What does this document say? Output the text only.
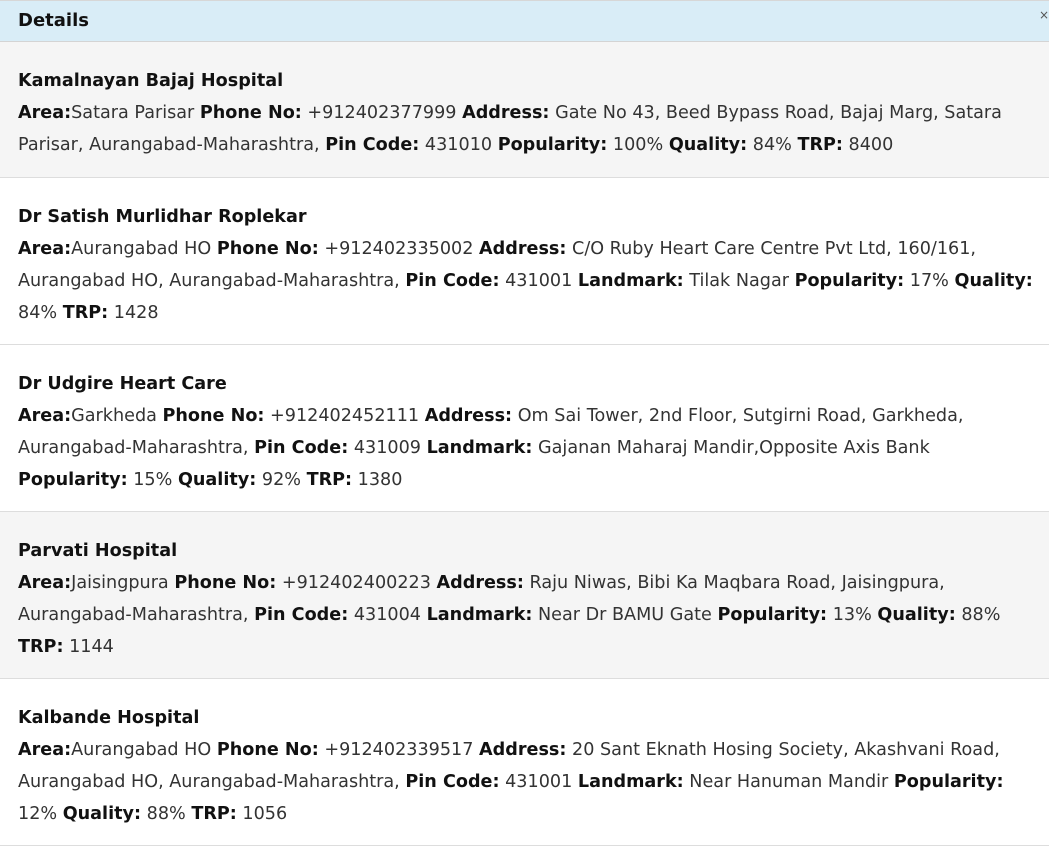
Details	×
Kamalnayan Bajaj Hospital
Area:Satara Parisar Phone No: +912402377999 Address: Gate No 43, Beed Bypass Road, Bajaj Marg, Satara Parisar, Aurangabad-Maharashtra, Pin Code: 431010 Popularity: 100% Quality: 84% TRP: 8400
Dr Satish Murlidhar Roplekar
Area:Aurangabad HO Phone No: +912402335002 Address: C/O Ruby Heart Care Centre Pvt Ltd, 160/161, Aurangabad HO, Aurangabad-Maharashtra, Pin Code: 431001 Landmark: Tilak Nagar Popularity: 17% Quality: 84% TRP: 1428
Dr Udgire Heart Care
Area:Garkheda Phone No: +912402452111 Address: Om Sai Tower, 2nd Floor, Sutgirni Road, Garkheda, Aurangabad-Maharashtra, Pin Code: 431009 Landmark: Gajanan Maharaj Mandir,Opposite Axis Bank Popularity: 15% Quality: 92% TRP: 1380
Parvati Hospital
Area:Jaisingpura Phone No: +912402400223 Address: Raju Niwas, Bibi Ka Maqbara Road, Jaisingpura, Aurangabad-Maharashtra, Pin Code: 431004 Landmark: Near Dr BAMU Gate Popularity: 13% Quality: 88% TRP: 1144
Kalbande Hospital
Area:Aurangabad HO Phone No: +912402339517 Address: 20 Sant Eknath Hosing Society, Akashvani Road, Aurangabad HO, Aurangabad-Maharashtra, Pin Code: 431001 Landmark: Near Hanuman Mandir Popularity: 12% Quality: 88% TRP: 1056
